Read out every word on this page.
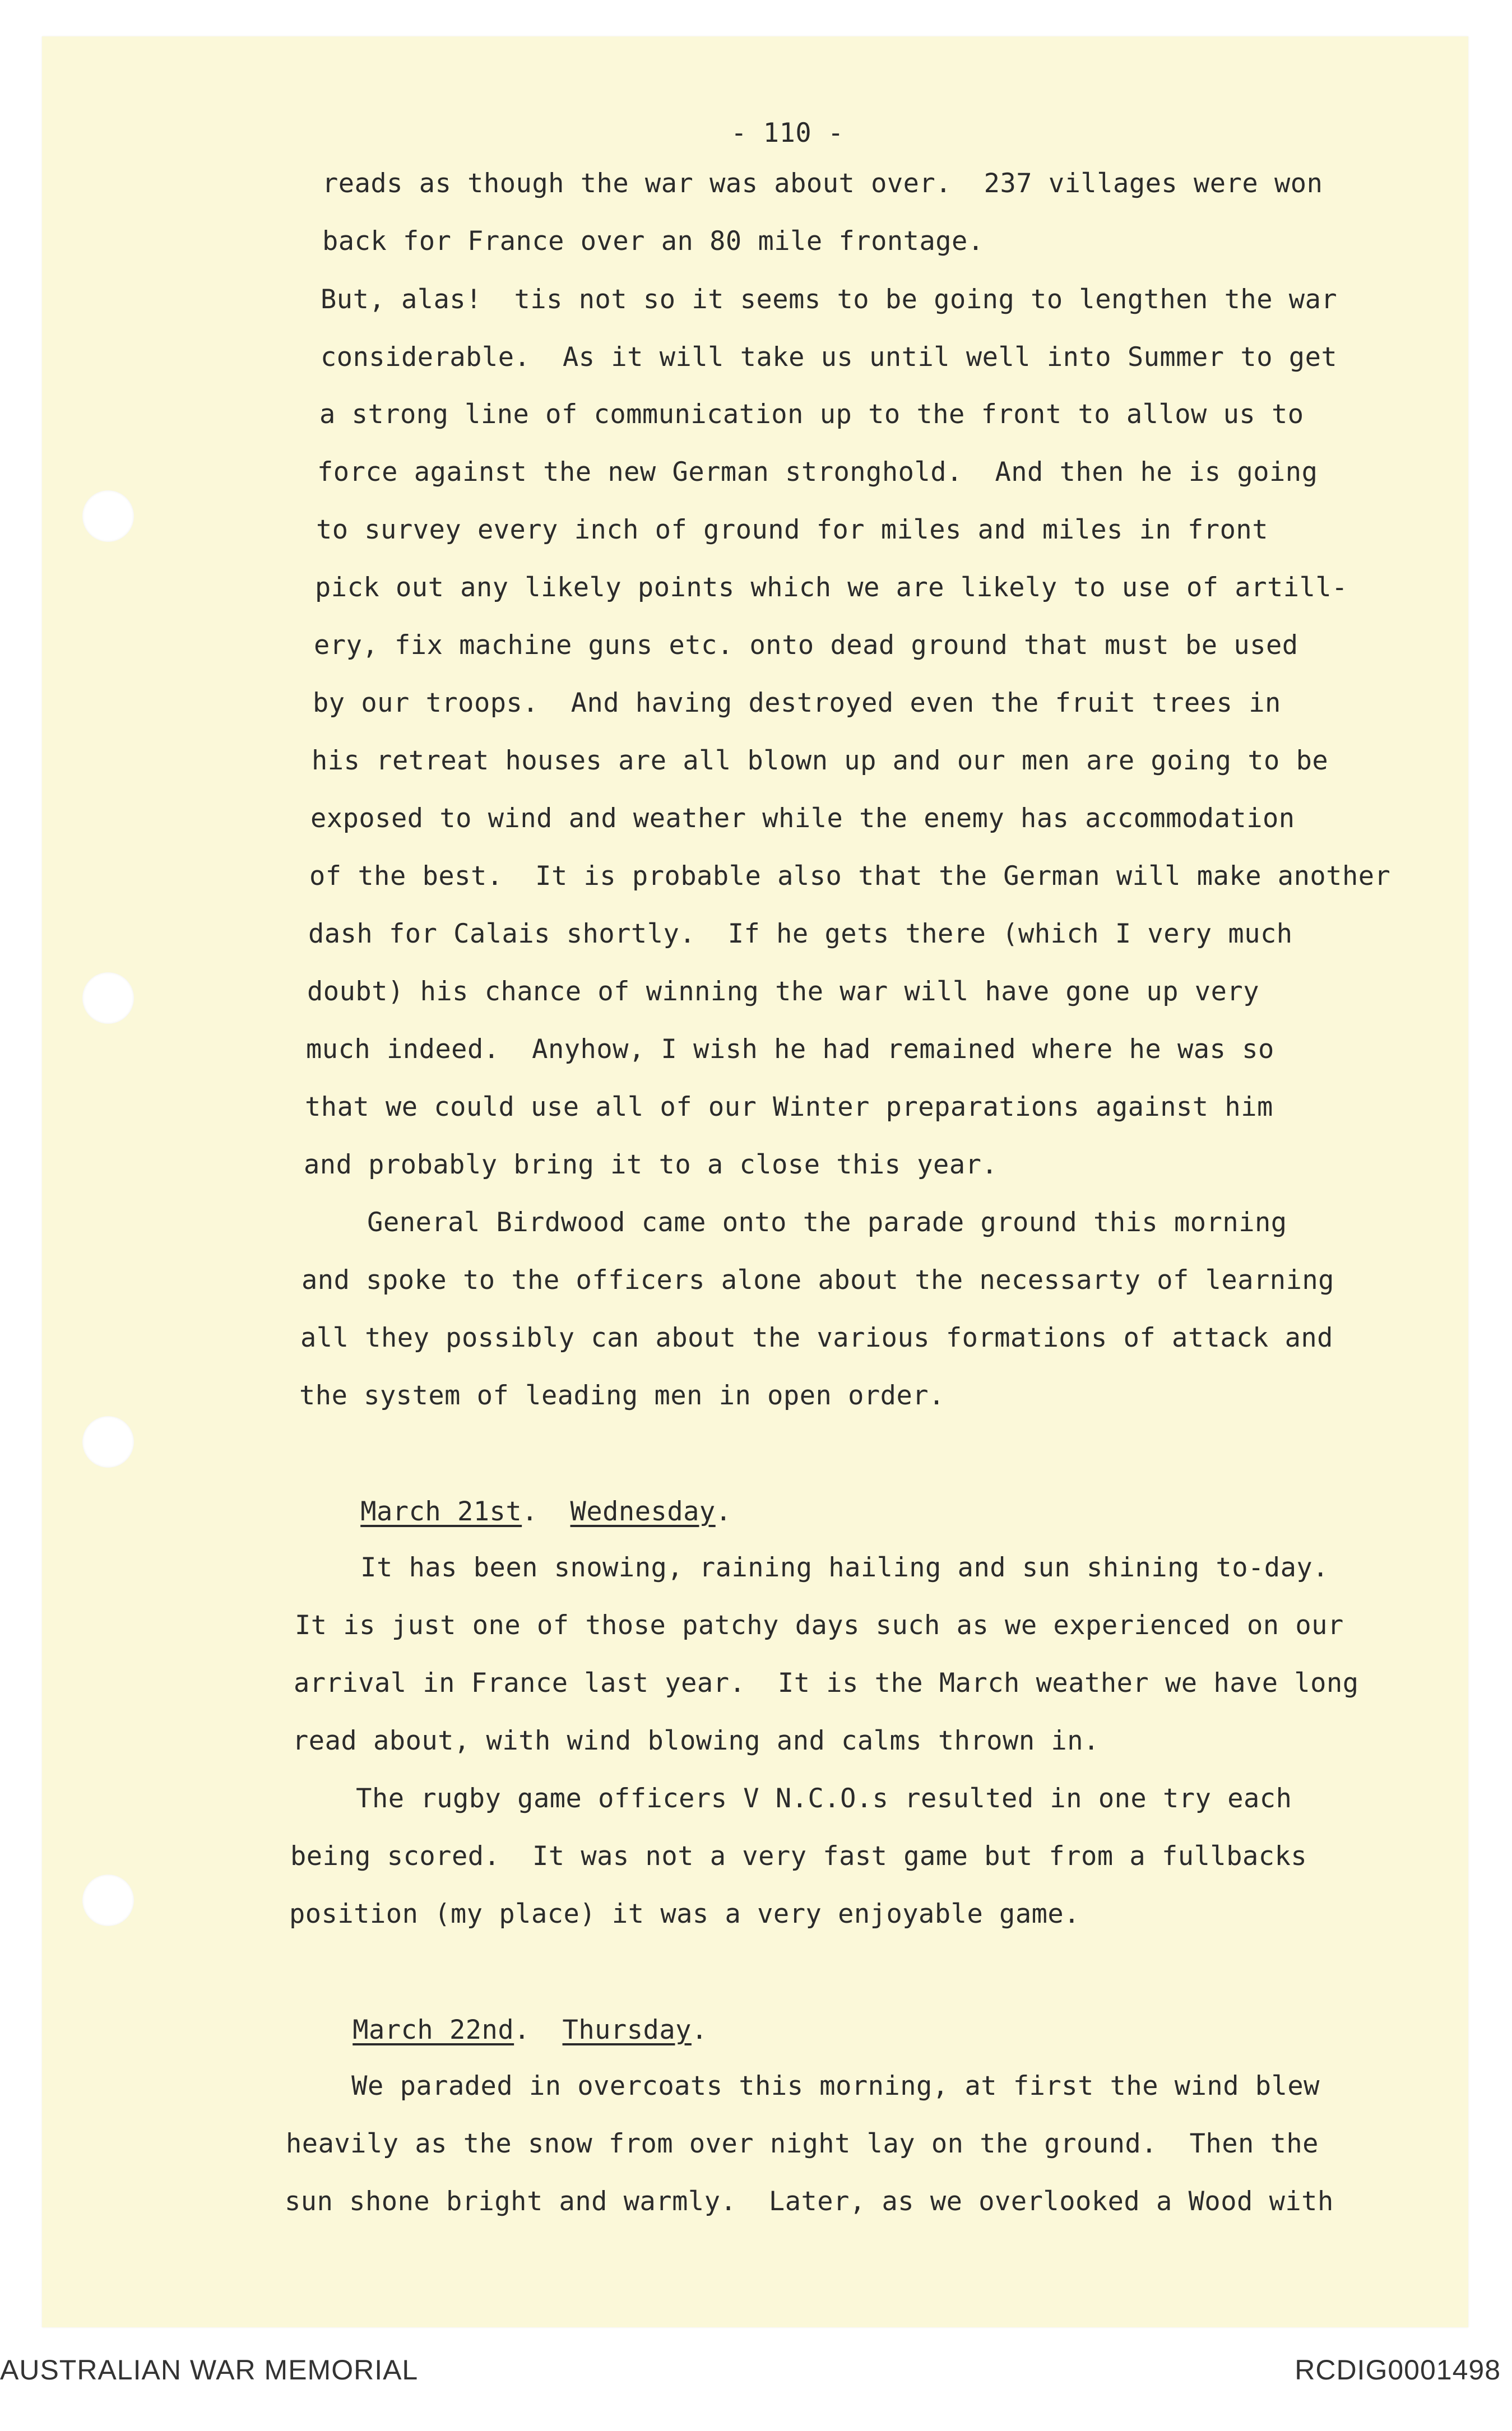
- 110 -

reads as though the war was about over.  237 villages were won

back for France over an 80 mile frontage.

But, alas!  tis not so it seems to be going to lengthen the war

considerable.  As it will take us until well into Summer to get

a strong line of communication up to the front to allow us to

force against the new German stronghold.  And then he is going

to survey every inch of ground for miles and miles in front

pick out any likely points which we are likely to use of artill-

ery, fix machine guns etc. onto dead ground that must be used

by our troops.  And having destroyed even the fruit trees in

his retreat houses are all blown up and our men are going to be

exposed to wind and weather while the enemy has accommodation

of the best.  It is probable also that the German will make another

dash for Calais shortly.  If he gets there (which I very much

doubt) his chance of winning the war will have gone up very

much indeed.  Anyhow, I wish he had remained where he was so

that we could use all of our Winter preparations against him

and probably bring it to a close this year.

General Birdwood came onto the parade ground this morning

and spoke to the officers alone about the necessarty of learning

all they possibly can about the various formations of attack and

the system of leading men in open order.

March 21st.  Wednesday.

It has been snowing, raining hailing and sun shining to-day.

It is just one of those patchy days such as we experienced on our

arrival in France last year.  It is the March weather we have long

read about, with wind blowing and calms thrown in.

The rugby game officers V N.C.O.s resulted in one try each

being scored.  It was not a very fast game but from a fullbacks

position (my place) it was a very enjoyable game.

March 22nd.  Thursday.

We paraded in overcoats this morning, at first the wind blew

heavily as the snow from over night lay on the ground.  Then the

sun shone bright and warmly.  Later, as we overlooked a Wood with

AUSTRALIAN WAR MEMORIAL	RCDIG0001498
